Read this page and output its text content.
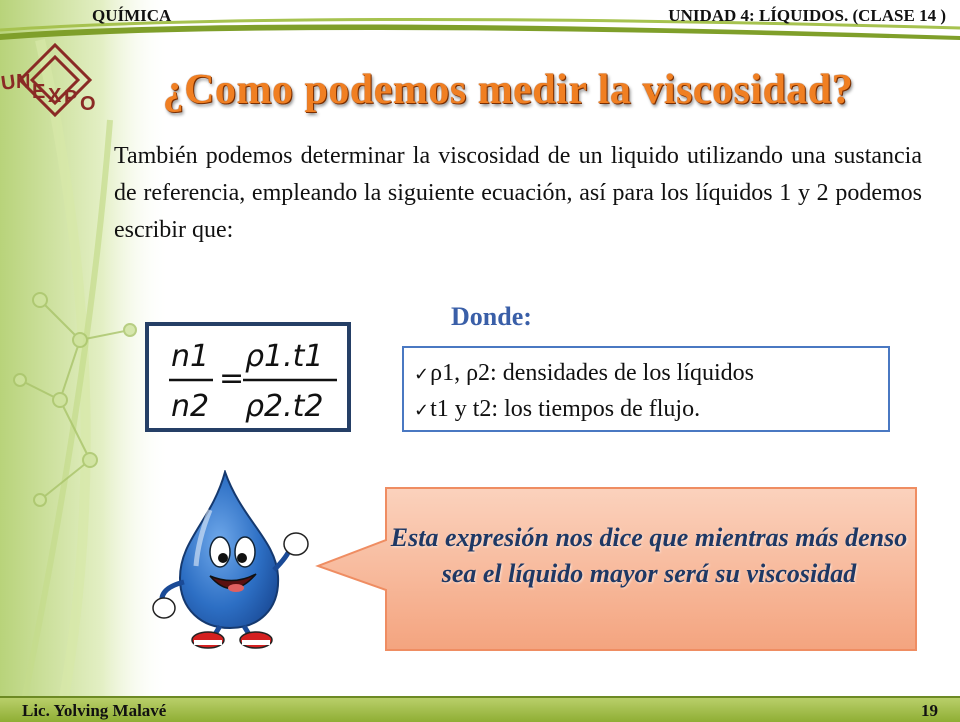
QUÍMICA	UNIDAD 4: LÍQUIDOS. (CLASE 14 )
U
N E X P O	¿Como podemos medir la viscosidad?
También podemos determinar la viscosidad de un liquido utilizando una sustancia de referencia, empleando la siguiente ecuación, así para los líquidos 1 y 2 podemos escribir que:
Donde:
n1
n2
ρ1.t1
ρ2.t2
=	✓ρ1, ρ2: densidades de los líquidos
✓t1 y t2: los tiempos de flujo.
Esta expresión nos dice que mientras más denso sea el líquido mayor será su viscosidad
Lic. Yolving Malavé	19
